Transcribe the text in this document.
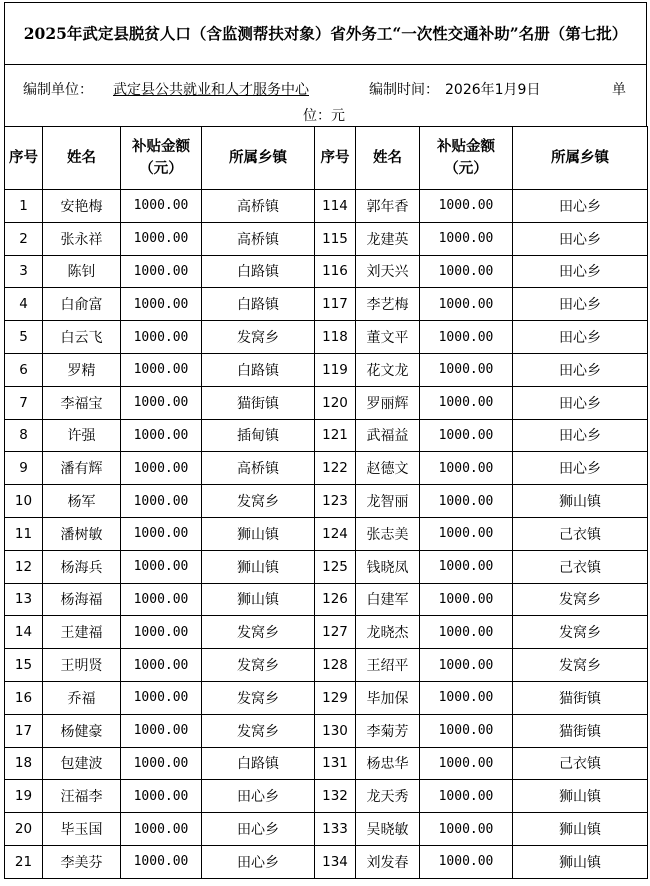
2025年武定县脱贫人口（含监测帮扶对象）省外务工“一次性交通补助”名册（第七批）
编制单位： 武定县公共就业和人才服务中心	编制时间： 2026年1月9日	单
位：元
序号	姓名	补贴金额（元）	所属乡镇	序号	姓名	补贴金额（元）	所属乡镇
1	安艳梅	1000.00	高桥镇	114	郭年香	1000.00	田心乡
2	张永祥	1000.00	高桥镇	115	龙建英	1000.00	田心乡
3	陈钊	1000.00	白路镇	116	刘天兴	1000.00	田心乡
4	白俞富	1000.00	白路镇	117	李艺梅	1000.00	田心乡
5	白云飞	1000.00	发窝乡	118	董文平	1000.00	田心乡
6	罗精	1000.00	白路镇	119	花文龙	1000.00	田心乡
7	李福宝	1000.00	猫街镇	120	罗丽辉	1000.00	田心乡
8	许强	1000.00	插甸镇	121	武福益	1000.00	田心乡
9	潘有辉	1000.00	高桥镇	122	赵德文	1000.00	田心乡
10	杨军	1000.00	发窝乡	123	龙智丽	1000.00	狮山镇
11	潘树敏	1000.00	狮山镇	124	张志美	1000.00	己衣镇
12	杨海兵	1000.00	狮山镇	125	钱晓凤	1000.00	己衣镇
13	杨海福	1000.00	狮山镇	126	白建军	1000.00	发窝乡
14	王建福	1000.00	发窝乡	127	龙晓杰	1000.00	发窝乡
15	王明贤	1000.00	发窝乡	128	王绍平	1000.00	发窝乡
16	乔福	1000.00	发窝乡	129	毕加保	1000.00	猫街镇
17	杨健豪	1000.00	发窝乡	130	李菊芳	1000.00	猫街镇
18	包建波	1000.00	白路镇	131	杨忠华	1000.00	己衣镇
19	汪福李	1000.00	田心乡	132	龙天秀	1000.00	狮山镇
20	毕玉国	1000.00	田心乡	133	吴晓敏	1000.00	狮山镇
21	李美芬	1000.00	田心乡	134	刘发春	1000.00	狮山镇
